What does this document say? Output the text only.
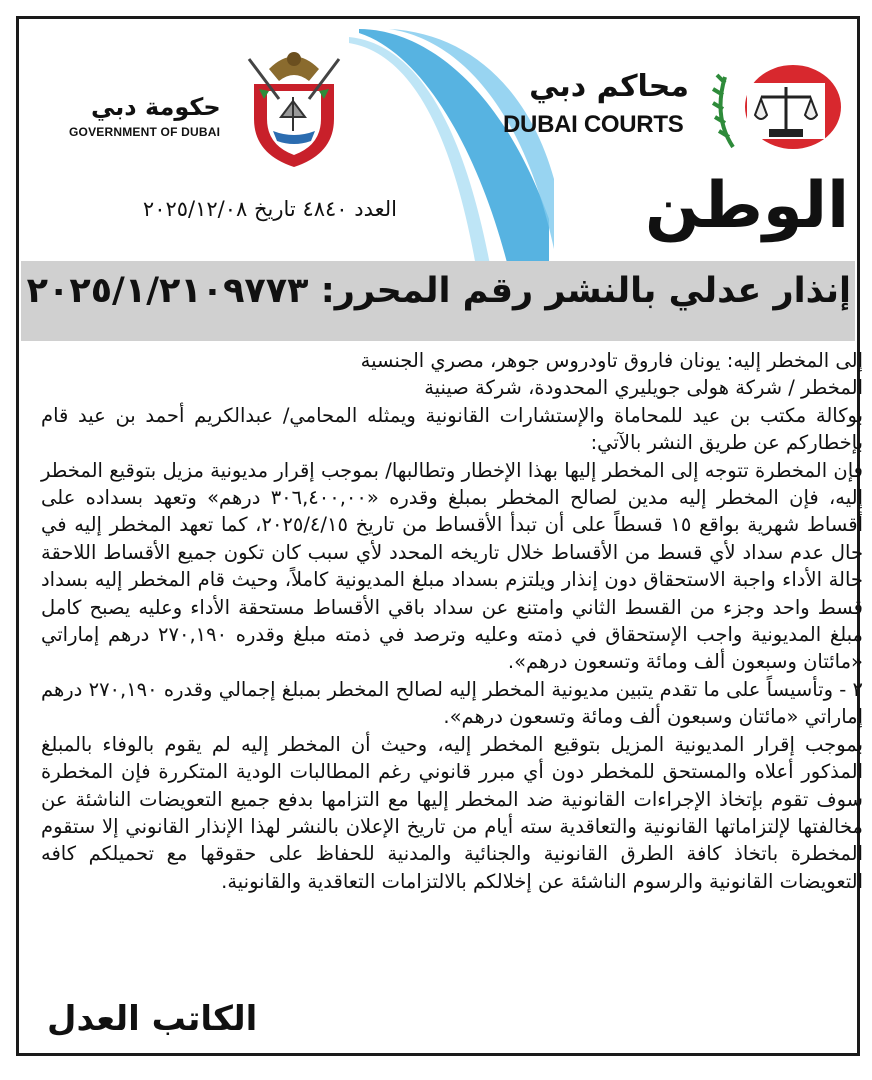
حكومة دبي
GOVERNMENT OF DUBAI
محاكم دبي
DUBAI COURTS
العدد ٤٨٤٠ تاريخ ٢٠٢٥/١٢/٠٨	الوطن
إنذار عدلي بالنشر رقم المحرر: ٢٠٢٥/١/٢١٠٩٧٧٣

إلى المخطر إليه: يونان فاروق تاودروس جوهر، مصري الجنسية

المخطر / شركة هولى جويليري المحدودة، شركة صينية

بوكالة مكتب بن عيد للمحاماة والإستشارات القانونية ويمثله المحامي/ عبدالكريم أحمد بن عيد قام بإخطاركم عن طريق النشر بالآتي:

فإن المخطرة تتوجه إلى المخطر إليها بهذا الإخطار وتطالبها/ بموجب إقرار مديونية مزيل بتوقيع المخطر إليه، فإن المخطر إليه مدين لصالح المخطر بمبلغ وقدره «٣٠٦,٤٠٠,٠٠ درهم» وتعهد بسداده على أقساط شهرية بواقع ١٥ قسطاً على أن تبدأ الأقساط من تاريخ ٢٠٢٥/٤/١٥، كما تعهد المخطر إليه في حال عدم سداد لأي قسط من الأقساط خلال تاريخه المحدد لأي سبب كان تكون جميع الأقساط اللاحقة حالة الأداء واجبة الاستحقاق دون إنذار ويلتزم بسداد مبلغ المديونية كاملاً، وحيث قام المخطر إليه بسداد قسط واحد وجزء من القسط الثاني وامتنع عن سداد باقي الأقساط مستحقة الأداء وعليه يصبح كامل مبلغ المديونية واجب الإستحقاق في ذمته وعليه وترصد في ذمته مبلغ وقدره ٢٧٠,١٩٠ درهم إماراتي «مائتان وسبعون ألف ومائة وتسعون درهم».

٢ - وتأسيساً على ما تقدم يتبين مديونية المخطر إليه لصالح المخطر بمبلغ إجمالي وقدره ٢٧٠,١٩٠ درهم إماراتي «مائتان وسبعون ألف ومائة وتسعون درهم».

بموجب إقرار المديونية المزيل بتوقيع المخطر إليه، وحيث أن المخطر إليه لم يقوم بالوفاء بالمبلغ المذكور أعلاه والمستحق للمخطر دون أي مبرر قانوني رغم المطالبات الودية المتكررة فإن المخطرة سوف تقوم بإتخاذ الإجراءات القانونية ضد المخطر إليها مع التزامها بدفع جميع التعويضات الناشئة عن مخالفتها لإلتزاماتها القانونية والتعاقدية سته أيام من تاريخ الإعلان بالنشر لهذا الإنذار القانوني إلا ستقوم المخطرة باتخاذ كافة الطرق القانونية والجنائية والمدنية للحفاظ على حقوقها مع تحميلكم كافه التعويضات القانونية والرسوم الناشئة عن إخلالكم بالالتزامات التعاقدية والقانونية.

الكاتب العدل
